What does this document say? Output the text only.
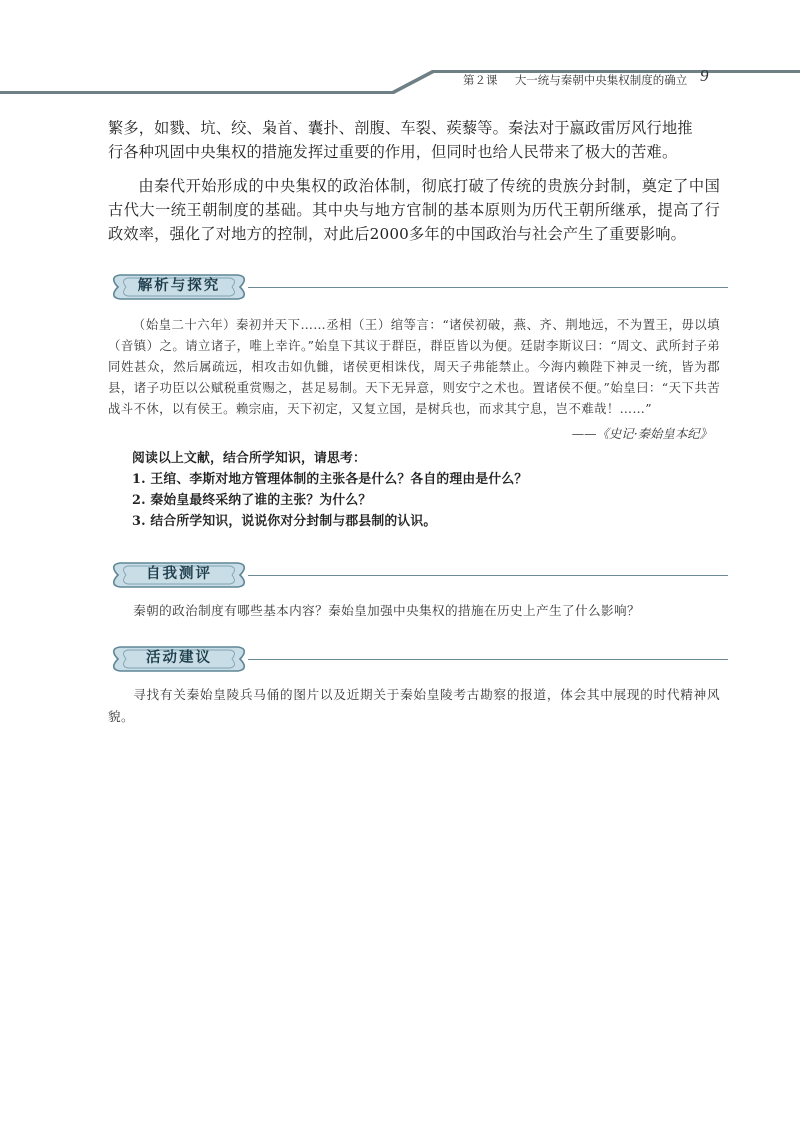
第２课 大一统与秦朝中央集权制度的确立 9

繁多，如戮、坑、绞、枭首、囊扑、剖腹、车裂、蒺藜等。秦法对于嬴政雷厉风行地推

行各种巩固中央集权的措施发挥过重要的作用，但同时也给人民带来了极大的苦难。

由秦代开始形成的中央集权的政治体制，彻底打破了传统的贵族分封制，奠定了中国古代大一统王朝制度的基础。其中央与地方官制的基本原则为历代王朝所继承，提高了行政效率，强化了对地方的控制，对此后2000多年的中国政治与社会产生了重要影响。

解析与探究

（始皇二十六年）秦初并天下……丞相（王）绾等言：“诸侯初破，燕、齐、荆地远，不为置王，毋以填（音镇）之。请立诸子，唯上幸许。”始皇下其议于群臣，群臣皆以为便。廷尉李斯议曰：“周文、武所封子弟同姓甚众，然后属疏远，相攻击如仇雠，诸侯更相诛伐，周天子弗能禁止。今海内赖陛下神灵一统，皆为郡县，诸子功臣以公赋税重赏赐之，甚足易制。天下无异意，则安宁之术也。置诸侯不便。”始皇曰：“天下共苦战斗不休，以有侯王。赖宗庙，天下初定，又复立国，是树兵也，而求其宁息，岂不难哉！……”

——《史记·秦始皇本纪》
阅读以上文献，结合所学知识，请思考：
1. 王绾、李斯对地方管理体制的主张各是什么？各自的理由是什么？
2. 秦始皇最终采纳了谁的主张？为什么？
3. 结合所学知识，说说你对分封制与郡县制的认识。
自我测评

秦朝的政治制度有哪些基本内容？秦始皇加强中央集权的措施在历史上产生了什么影响？

活动建议

寻找有关秦始皇陵兵马俑的图片以及近期关于秦始皇陵考古勘察的报道，体会其中展现的时代精神风貌。
